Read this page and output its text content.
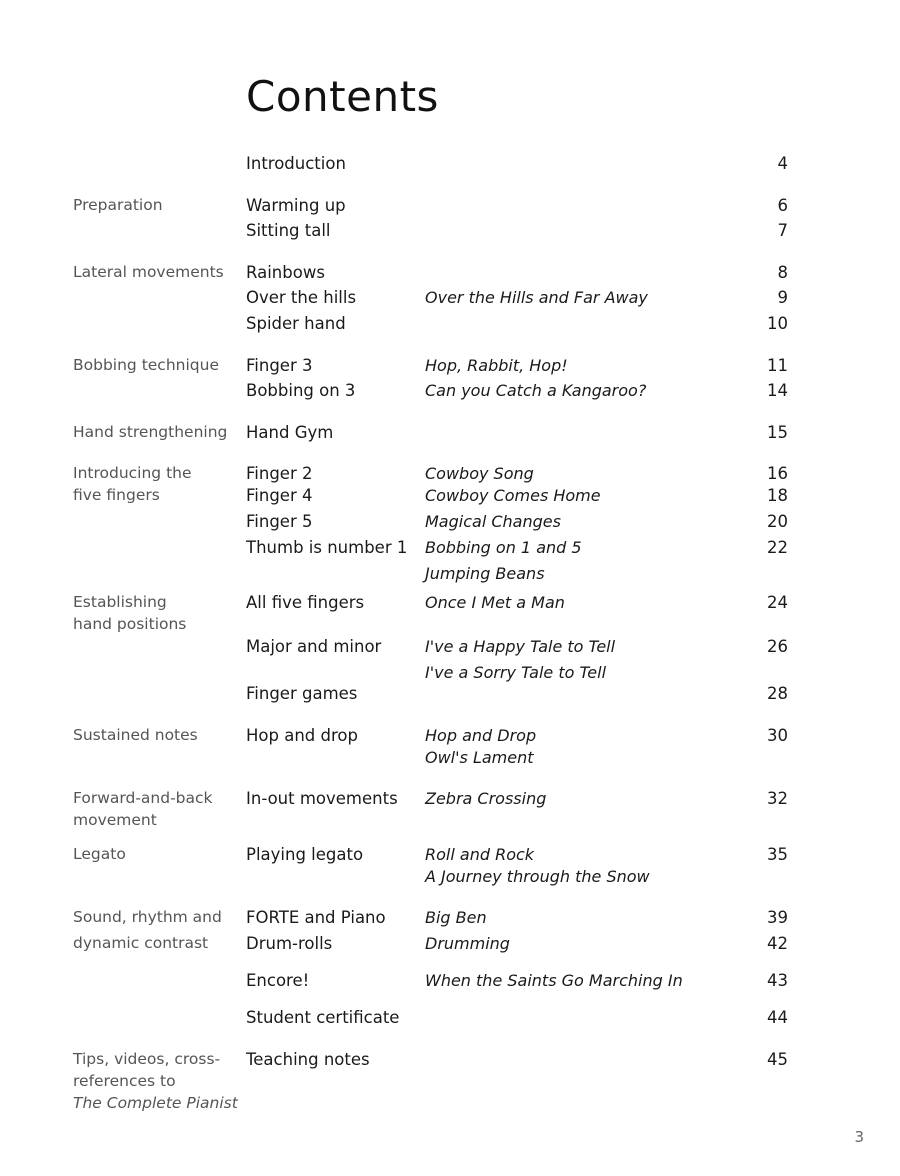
Contents
Preparation
Lateral movements
Bobbing technique
Hand strengthening
Introducing the
five fingers
Establishing
hand positions
Sustained notes
Forward-and-back
movement
Legato
Sound, rhythm and
dynamic contrast
Tips, videos, cross-
references to
The Complete Pianist
Introduction
Warming up
Sitting tall
Rainbows
Over the hills
Spider hand
Finger 3
Bobbing on 3
Hand Gym
Finger 2
Finger 4
Finger 5
Thumb is number 1
All five fingers
Major and minor
Finger games
Hop and drop
In-out movements
Playing legato
FORTE and Piano
Drum-rolls
Encore!
Student certificate
Teaching notes
Over the Hills and Far Away
Hop, Rabbit, Hop!
Can you Catch a Kangaroo?
Cowboy Song
Cowboy Comes Home
Magical Changes
Bobbing on 1 and 5
Jumping Beans
Once I Met a Man
I've a Happy Tale to Tell
I've a Sorry Tale to Tell
Hop and Drop
Owl's Lament
Zebra Crossing
Roll and Rock
A Journey through the Snow
Big Ben
Drumming
When the Saints Go Marching In
4
6
7
8
9
10
11
14
15
16
18
20
22
24
26
28
30
32
35
39
42
43
44
45
3
